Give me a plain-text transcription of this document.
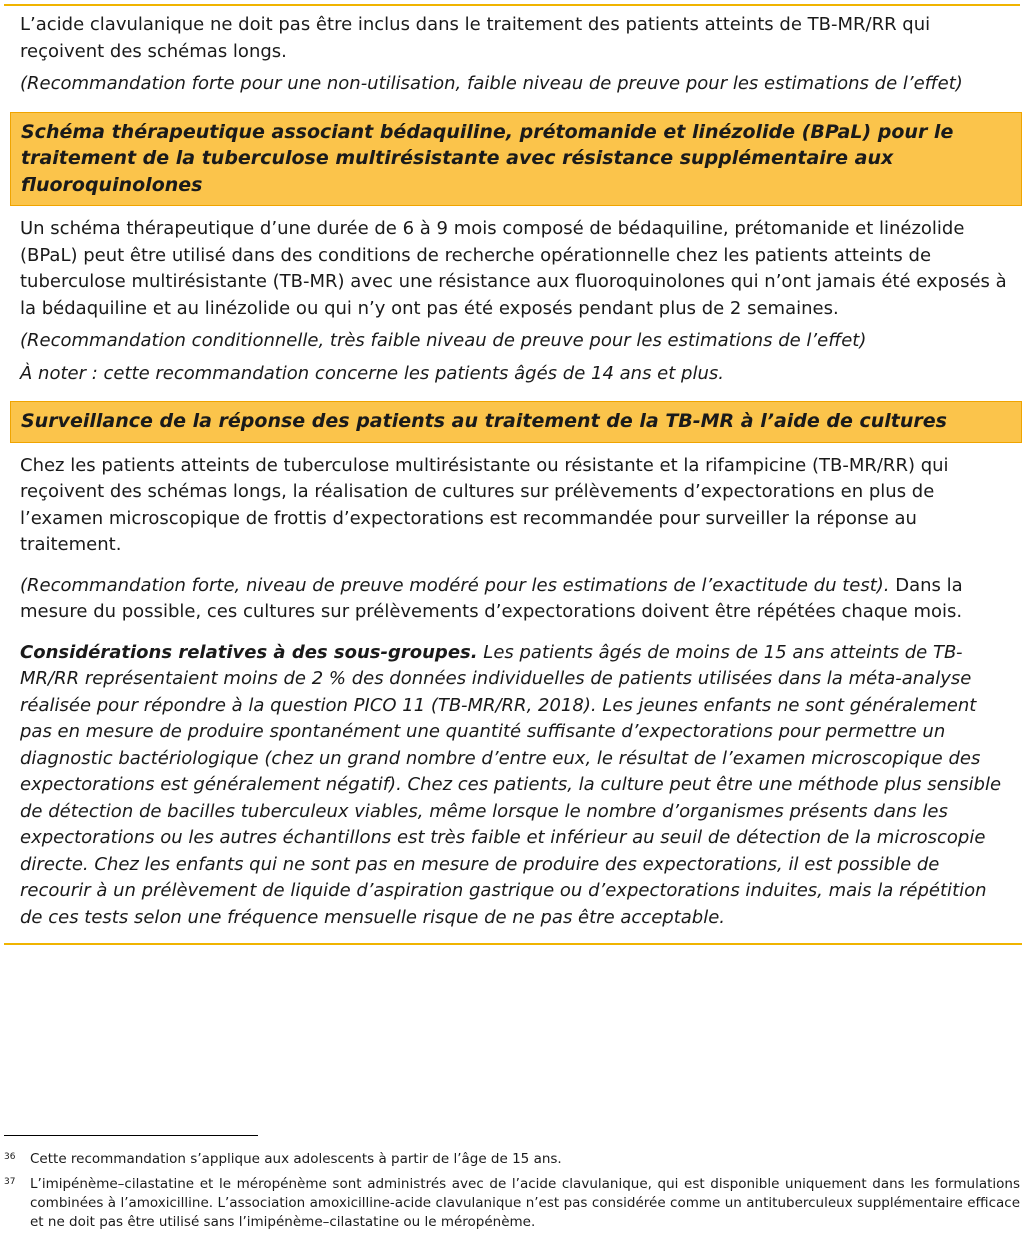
L’acide clavulanique ne doit pas être inclus dans le traitement des patients atteints de TB-MR/RR qui reçoivent des schémas longs.

(Recommandation forte pour une non-utilisation, faible niveau de preuve pour les estimations de l’effet)

Schéma thérapeutique associant bédaquiline, prétomanide et linézolide (BPaL) pour le traitement de la tuberculose multirésistante avec résistance supplémentaire aux fluoroquinolones

Un schéma thérapeutique d’une durée de 6 à 9 mois composé de bédaquiline, prétomanide et linézolide (BPaL) peut être utilisé dans des conditions de recherche opérationnelle chez les patients atteints de tuberculose multirésistante (TB-MR) avec une résistance aux fluoroquinolones qui n’ont jamais été exposés à la bédaquiline et au linézolide ou qui n’y ont pas été exposés pendant plus de 2 semaines.

(Recommandation conditionnelle, très faible niveau de preuve pour les estimations de l’effet)

À noter : cette recommandation concerne les patients âgés de 14 ans et plus.

Surveillance de la réponse des patients au traitement de la TB-MR à l’aide de cultures

Chez les patients atteints de tuberculose multirésistante ou résistante et la rifampicine (TB-MR/RR) qui reçoivent des schémas longs, la réalisation de cultures sur prélèvements d’expectorations en plus de l’examen microscopique de frottis d’expectorations est recommandée pour surveiller la réponse au traitement.

(Recommandation forte, niveau de preuve modéré pour les estimations de l’exactitude du test). Dans la mesure du possible, ces cultures sur prélèvements d’expectorations doivent être répétées chaque mois.

Considérations relatives à des sous-groupes. Les patients âgés de moins de 15 ans atteints de TB-MR/RR représentaient moins de 2 % des données individuelles de patients utilisées dans la méta-analyse réalisée pour répondre à la question PICO 11 (TB-MR/RR, 2018). Les jeunes enfants ne sont généralement pas en mesure de produire spontanément une quantité suffisante d’expectorations pour permettre un diagnostic bactériologique (chez un grand nombre d’entre eux, le résultat de l’examen microscopique des expectorations est généralement négatif). Chez ces patients, la culture peut être une méthode plus sensible de détection de bacilles tuberculeux viables, même lorsque le nombre d’organismes présents dans les expectorations ou les autres échantillons est très faible et inférieur au seuil de détection de la microscopie directe. Chez les enfants qui ne sont pas en mesure de produire des expectorations, il est possible de recourir à un prélèvement de liquide d’aspiration gastrique ou d’expectorations induites, mais la répétition de ces tests selon une fréquence mensuelle risque de ne pas être acceptable.

36	Cette recommandation s’applique aux adolescents à partir de l’âge de 15 ans.
37	L’imipénème–cilastatine et le méropénème sont administrés avec de l’acide clavulanique, qui est disponible uniquement dans les formulations combinées à l’amoxicilline. L’association amoxicilline-acide clavulanique n’est pas considérée comme un antituberculeux supplémentaire efficace et ne doit pas être utilisé sans l’imipénème–cilastatine ou le méropénème.
